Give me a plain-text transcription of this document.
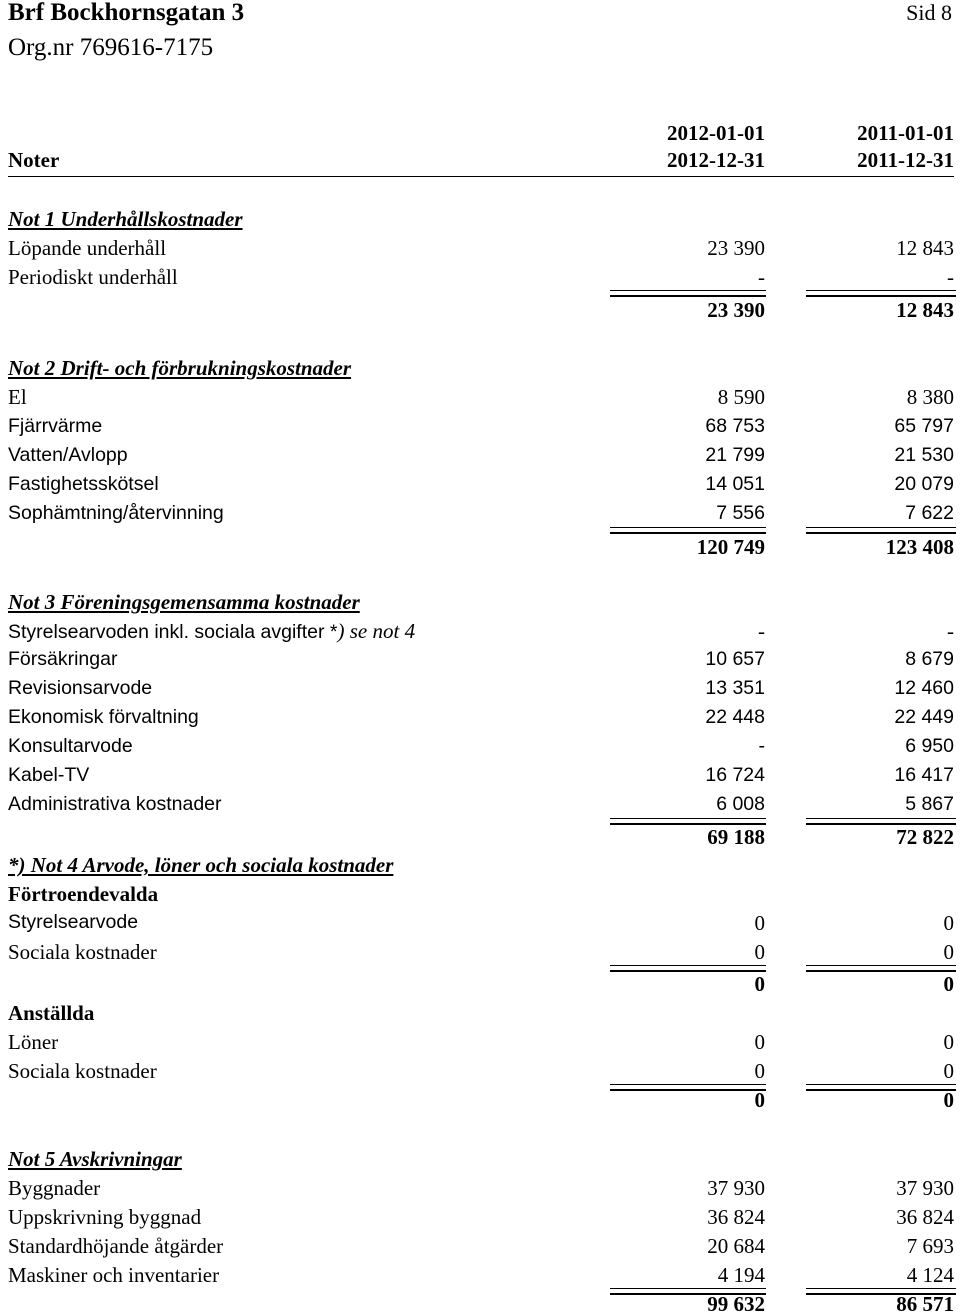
Brf Bockhornsgatan 3
Org.nr 769616-7175
Sid 8
2012-01-01	2011-01-01
Noter	2012-12-31	2011-12-31
Not 1 Underhållskostnader
Löpande underhåll	23 390	12 843
Periodiskt underhåll	-	-
23 390	12 843
Not 2 Drift- och förbrukningskostnader
El	8 590	8 380
Fjärrvärme	68 753	65 797
Vatten/Avlopp	21 799	21 530
Fastighetsskötsel	14 051	20 079
Sophämtning/återvinning	7 556	7 622
120 749	123 408
Not 3 Föreningsgemensamma kostnader
Styrelsearvoden inkl. sociala avgifter *) se not 4	-	-
Försäkringar	10 657	8 679
Revisionsarvode	13 351	12 460
Ekonomisk förvaltning	22 448	22 449
Konsultarvode	-	6 950
Kabel-TV	16 724	16 417
Administrativa kostnader	6 008	5 867
69 188	72 822
*) Not 4 Arvode, löner och sociala kostnader
Förtroendevalda
Styrelsearvode	0	0
Sociala kostnader	0	0
0	0
Anställda
Löner	0	0
Sociala kostnader	0	0
0	0
Not 5 Avskrivningar
Byggnader	37 930	37 930
Uppskrivning byggnad	36 824	36 824
Standardhöjande åtgärder	20 684	7 693
Maskiner och inventarier	4 194	4 124
99 632	86 571
